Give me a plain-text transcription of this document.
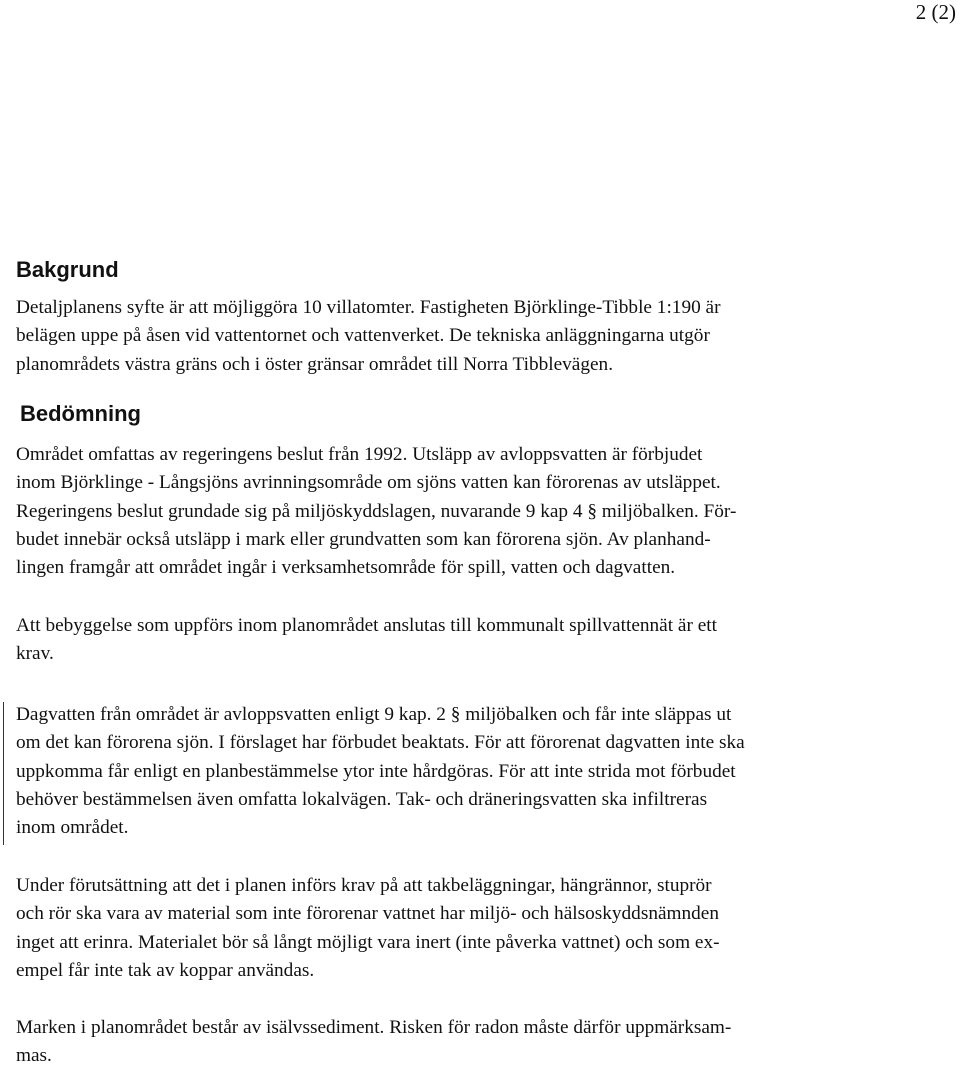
2 (2)
Bakgrund
Detaljplanens syfte är att möjliggöra 10 villatomter. Fastigheten Björklinge-Tibble 1:190 är
belägen uppe på åsen vid vattentornet och vattenverket. De tekniska anläggningarna utgör
planområdets västra gräns och i öster gränsar området till Norra Tibblevägen.
Bedömning
Området omfattas av regeringens beslut från 1992. Utsläpp av avloppsvatten är förbjudet
inom Björklinge - Långsjöns avrinningsområde om sjöns vatten kan förorenas av utsläppet.
Regeringens beslut grundade sig på miljöskyddslagen, nuvarande 9 kap 4 § miljöbalken. För-
budet innebär också utsläpp i mark eller grundvatten som kan förorena sjön. Av planhand-
lingen framgår att området ingår i verksamhetsområde för spill, vatten och dagvatten.
Att bebyggelse som uppförs inom planområdet anslutas till kommunalt spillvattennät är ett
krav.
Dagvatten från området är avloppsvatten enligt 9 kap. 2 § miljöbalken och får inte släppas ut
om det kan förorena sjön. I förslaget har förbudet beaktats. För att förorenat dagvatten inte ska
uppkomma får enligt en planbestämmelse ytor inte hårdgöras. För att inte strida mot förbudet
behöver bestämmelsen även omfatta lokalvägen. Tak- och dräneringsvatten ska infiltreras
inom området.
Under förutsättning att det i planen införs krav på att takbeläggningar, hängrännor, stuprör
och rör ska vara av material som inte förorenar vattnet har miljö- och hälsoskyddsnämnden
inget att erinra. Materialet bör så långt möjligt vara inert (inte påverka vattnet) och som ex-
empel får inte tak av koppar användas.
Marken i planområdet består av isälvssediment. Risken för radon måste därför uppmärksam-
mas.
